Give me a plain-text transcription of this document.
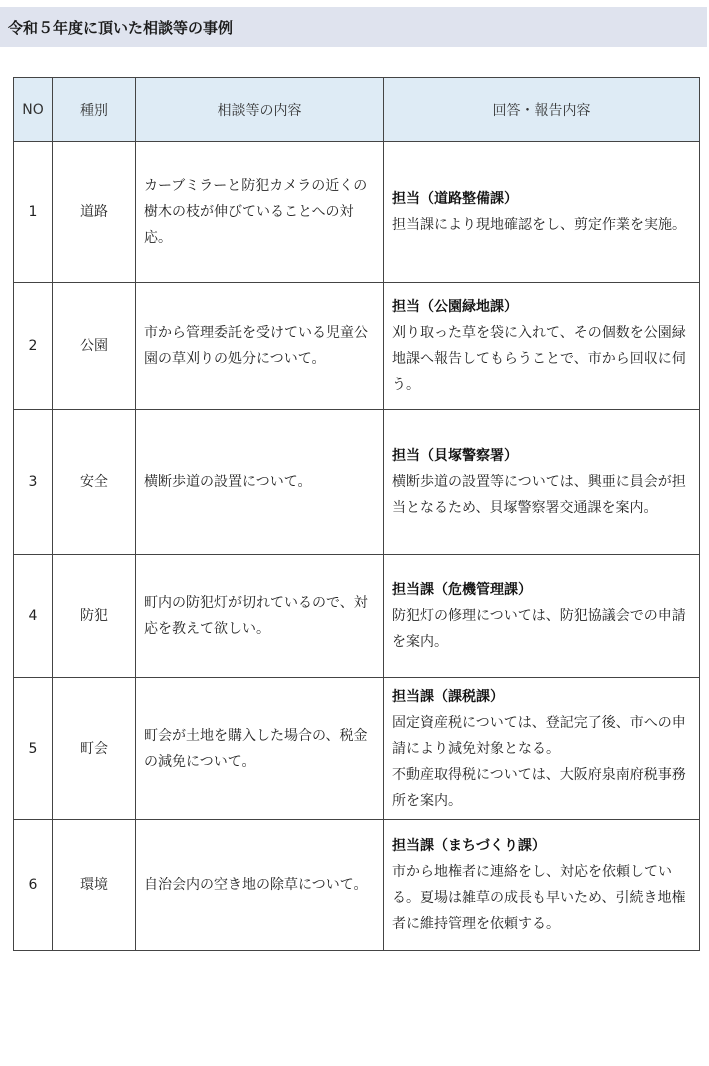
令和５年度に頂いた相談等の事例
NO	種別	相談等の内容	回答・報告内容
1	道路	カーブミラーと防犯カメラの近くの樹木の枝が伸びていることへの対応。	担当（道路整備課）
担当課により現地確認をし、剪定作業を実施。

2	公園	市から管理委託を受けている児童公園の草刈りの処分について。	担当（公園緑地課）
刈り取った草を袋に入れて、その個数を公園緑地課へ報告してもらうことで、市から回収に伺う。

3	安全	横断歩道の設置について。	担当（貝塚警察署）
横断歩道の設置等については、興亜に員会が担当となるため、貝塚警察署交通課を案内。

4	防犯	町内の防犯灯が切れているので、対応を教えて欲しい。	担当課（危機管理課）
防犯灯の修理については、防犯協議会での申請を案内。

5	町会	町会が土地を購入した場合の、税金の減免について。	担当課（課税課）
固定資産税については、登記完了後、市への申請により減免対象となる。
不動産取得税については、大阪府泉南府税事務所を案内。

6	環境	自治会内の空き地の除草について。	担当課（まちづくり課）
市から地権者に連絡をし、対応を依頼している。夏場は雑草の成長も早いため、引続き地権者に維持管理を依頼する。
